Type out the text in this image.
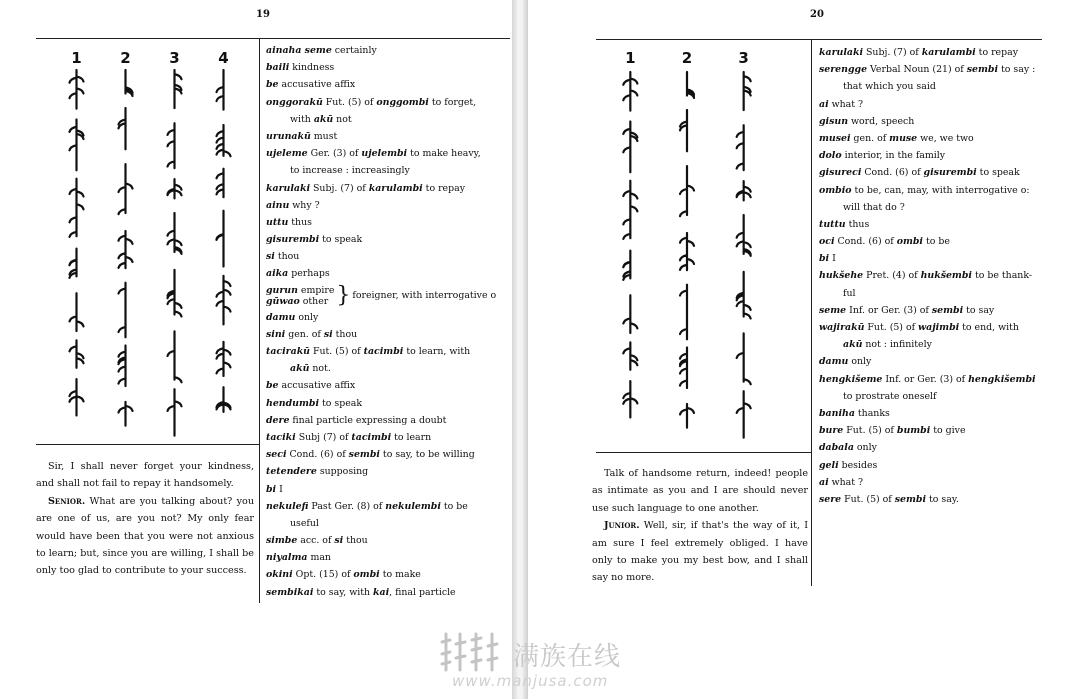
19
1	2	3	4	ainaha seme certainly
baili kindness
be accusative affix
onggorakū Fut. (5) of onggombi to forget,
with akū not
urunakū must
ujeleme Ger. (3) of ujelembi to make heavy,
to increase : increasingly
karulaki Subj. (7) of karulambi to repay
ainu why ?
uttu thus
gisurembi to speak
si thou
aika perhaps
gurun empire
gūwao other } foreigner, with interrogative o
damu only
sini gen. of si thou
tacirakū Fut. (5) of tacimbi to learn, with
akū not.
be accusative affix
hendumbi to speak
dere final particle expressing a doubt
taciki Subj (7) of tacimbi to learn
seci Cond. (6) of sembi to say, to be willing
tetendere supposing
bi I
nekulefi Past Ger. (8) of nekulembi to be
useful
simbe acc. of si thou
niyalma man
okini Opt. (15) of ombi to make
sembikai to say, with kai, final particle

Sir, I shall never forget your kindness, and shall not fail to repay it handsomely.

Senior. What are you talking about? you are one of us, are you not? My only fear would have been that you were not anxious to learn; but, since you are willing, I shall be only too glad to contribute to your success.

20
1	2	3	karulaki Subj. (7) of karulambi to repay
serengge Verbal Noun (21) of sembi to say :
that which you said
ai what ?
gisun word, speech
musei gen. of muse we, we two
dolo interior, in the family
gisureci Cond. (6) of gisurembi to speak
ombio to be, can, may, with interrogative o:
will that do ?
tuttu thus
oci Cond. (6) of ombi to be
bi I
hukšehe Pret. (4) of hukšembi to be thank-
ful
seme Inf. or Ger. (3) of sembi to say
wajirakū Fut. (5) of wajimbi to end, with
akū not : infinitely
damu only
hengkišeme Inf. or Ger. (3) of hengkišembi
to prostrate oneself
baniha thanks
bure Fut. (5) of bumbi to give
dabala only
geli besides
ai what ?
sere Fut. (5) of sembi to say.

Talk of handsome return, indeed! people as intimate as you and I are should never use such language to one another.

Junior. Well, sir, if that's the way of it, I am sure I feel extremely obliged. I have only to make you my best bow, and I shall say no more.

满族在线
www.manjusa.com
